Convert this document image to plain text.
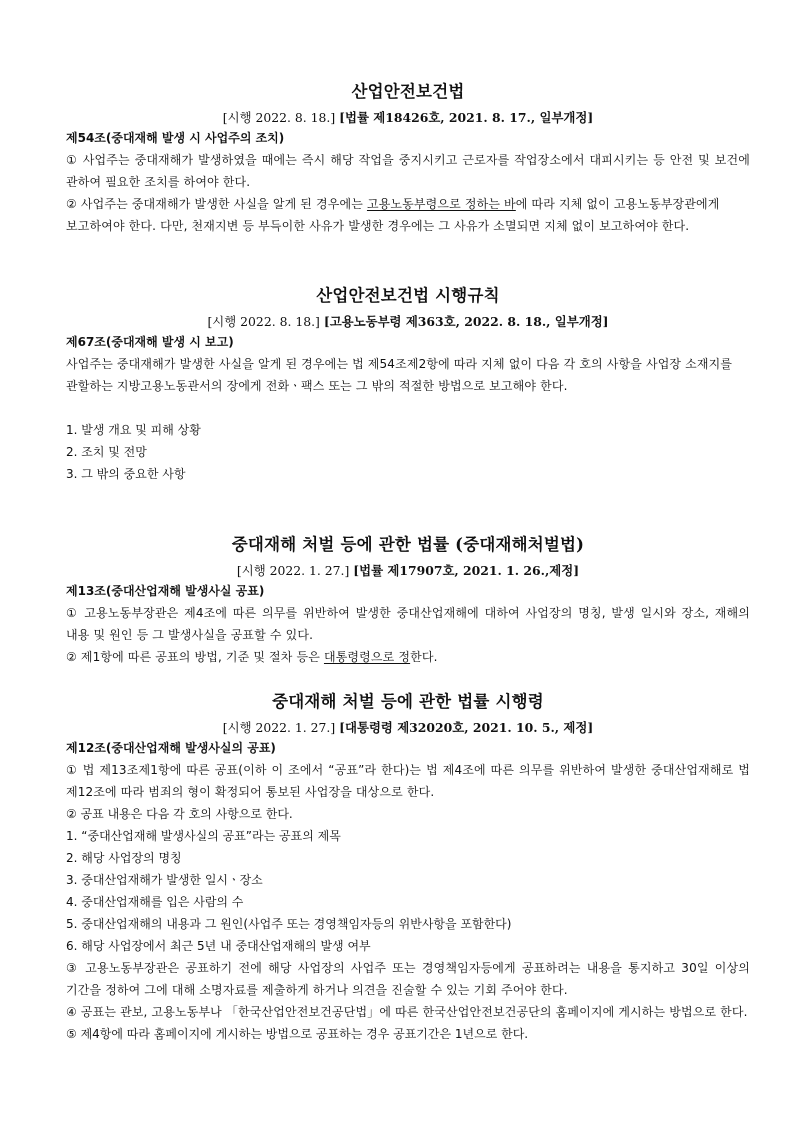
산업안전보건법
[시행 2022. 8. 18.] [법률 제18426호, 2021. 8. 17., 일부개정]
제54조(중대재해 발생 시 사업주의 조치)
① 사업주는 중대재해가 발생하였을 때에는 즉시 해당 작업을 중지시키고 근로자를 작업장소에서 대피시키는 등 안전 및 보건에 관하여 필요한 조치를 하여야 한다.
② 사업주는 중대재해가 발생한 사실을 알게 된 경우에는 고용노동부령으로 정하는 바에 따라 지체 없이 고용노동부장관에게 보고하여야 한다. 다만, 천재지변 등 부득이한 사유가 발생한 경우에는 그 사유가 소멸되면 지체 없이 보고하여야 한다.
산업안전보건법 시행규칙
[시행 2022. 8. 18.] [고용노동부령 제363호, 2022. 8. 18., 일부개정]
제67조(중대재해 발생 시 보고)
사업주는 중대재해가 발생한 사실을 알게 된 경우에는 법 제54조제2항에 따라 지체 없이 다음 각 호의 사항을 사업장 소재지를 관할하는 지방고용노동관서의 장에게 전화ㆍ팩스 또는 그 밖의 적절한 방법으로 보고해야 한다.
1. 발생 개요 및 피해 상황
2. 조치 및 전망
3. 그 밖의 중요한 사항
중대재해 처벌 등에 관한 법률 (중대재해처벌법)
[시행 2022. 1. 27.] [법률 제17907호, 2021. 1. 26.,제정]
제13조(중대산업재해 발생사실 공표)
① 고용노동부장관은 제4조에 따른 의무를 위반하여 발생한 중대산업재해에 대하여 사업장의 명칭, 발생 일시와 장소, 재해의 내용 및 원인 등 그 발생사실을 공표할 수 있다.
② 제1항에 따른 공표의 방법, 기준 및 절차 등은 대통령령으로 정한다.
중대재해 처벌 등에 관한 법률 시행령
[시행 2022. 1. 27.] [대통령령 제32020호, 2021. 10. 5., 제정]
제12조(중대산업재해 발생사실의 공표)
① 법 제13조제1항에 따른 공표(이하 이 조에서 “공표”라 한다)는 법 제4조에 따른 의무를 위반하여 발생한 중대산업재해로 법 제12조에 따라 범죄의 형이 확정되어 통보된 사업장을 대상으로 한다.
② 공표 내용은 다음 각 호의 사항으로 한다.
1. “중대산업재해 발생사실의 공표”라는 공표의 제목
2. 해당 사업장의 명칭
3. 중대산업재해가 발생한 일시ㆍ장소
4. 중대산업재해를 입은 사람의 수
5. 중대산업재해의 내용과 그 원인(사업주 또는 경영책임자등의 위반사항을 포함한다)
6. 해당 사업장에서 최근 5년 내 중대산업재해의 발생 여부
③ 고용노동부장관은 공표하기 전에 해당 사업장의 사업주 또는 경영책임자등에게 공표하려는 내용을 통지하고 30일 이상의 기간을 정하여 그에 대해 소명자료를 제출하게 하거나 의견을 진술할 수 있는 기회 주어야 한다.
④ 공표는 관보, 고용노동부나 「한국산업안전보건공단법」에 따른 한국산업안전보건공단의 홈페이지에 게시하는 방법으로 한다.
⑤ 제4항에 따라 홈페이지에 게시하는 방법으로 공표하는 경우 공표기간은 1년으로 한다.
